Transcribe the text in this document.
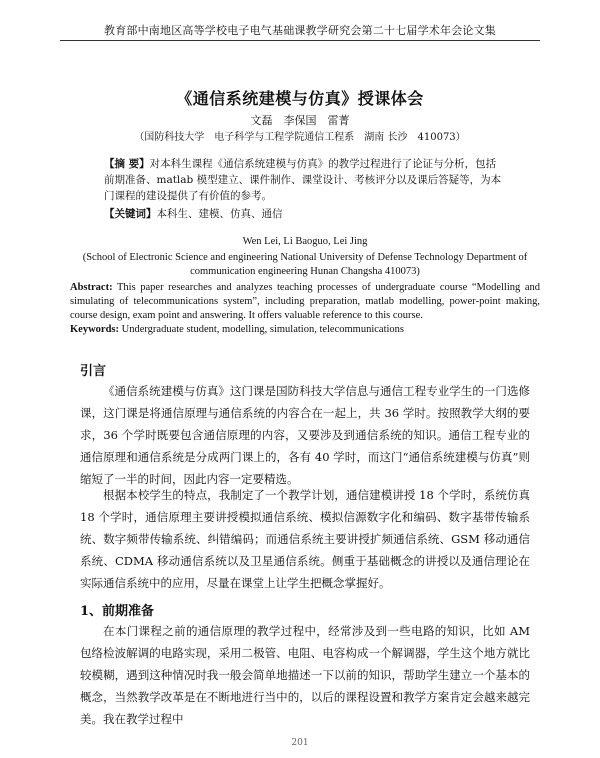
教育部中南地区高等学校电子电气基础课教学研究会第二十七届学术年会论文集
《通信系统建模与仿真》授课体会
文磊　李保国　雷菁
（国防科技大学　电子科学与工程学院通信工程系　湖南 长沙　410073）
【摘 要】对本科生课程《通信系统建模与仿真》的教学过程进行了论证与分析，包括前期准备、matlab 模型建立、课件制作、课堂设计、考核评分以及课后答疑等，为本门课程的建设提供了有价值的参考。
【关键词】本科生、建模、仿真、通信
Wen Lei, Li Baoguo, Lei Jing
(School of Electronic Science and engineering National University of Defense Technology Department of communication engineering Hunan Changsha 410073)
Abstract: This paper researches and analyzes teaching processes of undergraduate course “Modelling and simulating of telecommunications system”, including preparation, matlab modelling, power-point making, course design, exam point and answering. It offers valuable reference to this course.
Keywords: Undergraduate student, modelling, simulation, telecommunications
引言
《通信系统建模与仿真》这门课是国防科技大学信息与通信工程专业学生的一门选修课，这门课是将通信原理与通信系统的内容合在一起上，共 36 学时。按照教学大纲的要求，36 个学时既要包含通信原理的内容，又要涉及到通信系统的知识。通信工程专业的通信原理和通信系统是分成两门课上的，各有 40 学时，而这门“通信系统建模与仿真”则缩短了一半的时间，因此内容一定要精选。
根据本校学生的特点，我制定了一个教学计划，通信建模讲授 18 个学时，系统仿真 18 个学时，通信原理主要讲授模拟通信系统、模拟信源数字化和编码、数字基带传输系统、数字频带传输系统、纠错编码；而通信系统主要讲授扩频通信系统、GSM 移动通信系统、CDMA 移动通信系统以及卫星通信系统。侧重于基础概念的讲授以及通信理论在实际通信系统中的应用，尽量在课堂上让学生把概念掌握好。
1、前期准备
在本门课程之前的通信原理的教学过程中，经常涉及到一些电路的知识，比如 AM 包络检波解调的电路实现，采用二极管、电阻、电容构成一个解调器，学生这个地方就比较模糊，遇到这种情况时我一般会简单地描述一下以前的知识，帮助学生建立一个基本的概念，当然教学改革是在不断地进行当中的，以后的课程设置和教学方案肯定会越来越完美。我在教学过程中
201
